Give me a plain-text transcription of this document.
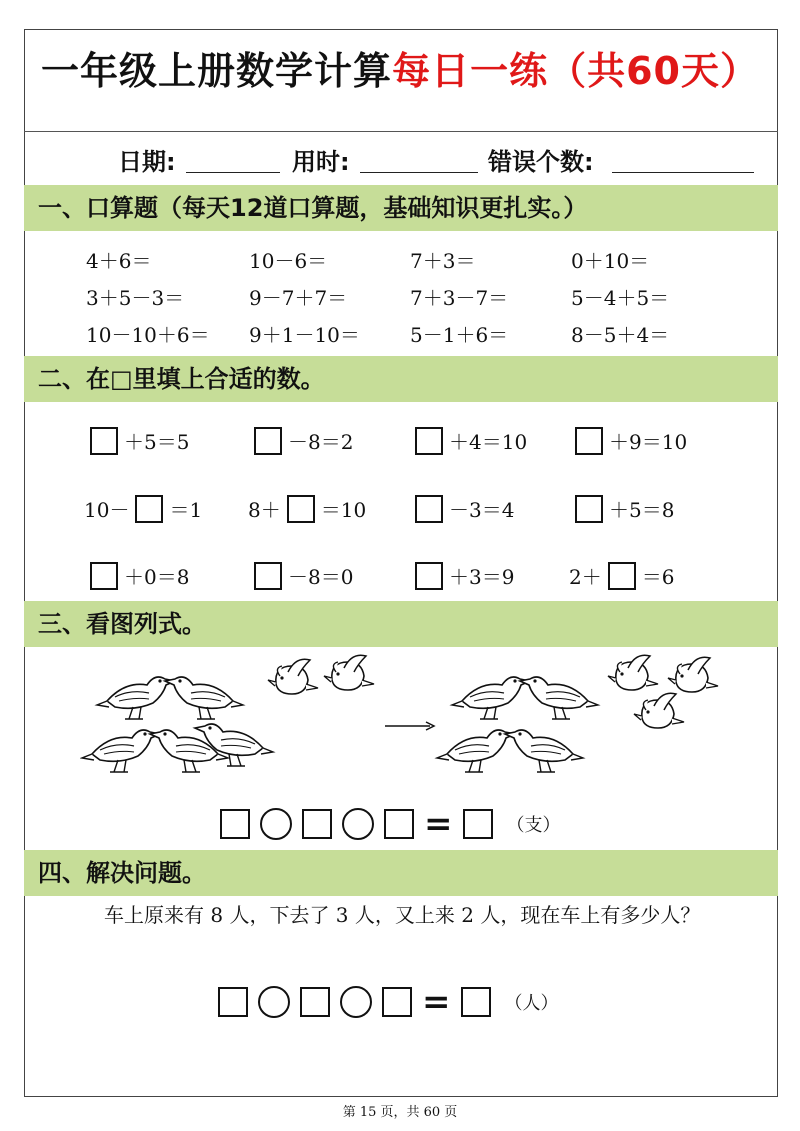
一年级上册数学计算每日一练（共60天）
日期:	用时:	错误个数:
一、口算题（每天12道口算题，基础知识更扎实。）
4＋6＝	10－6＝	7＋3＝	0＋10＝
3＋5－3＝	9－7＋7＝	7＋3－7＝	5－4＋5＝
10－10＋6＝ 9＋1－10＝	5－1＋6＝	8－5＋4＝
二、在□里填上合适的数。
＋5＝5	－8＝2	＋4＝10	＋9＝10
10－ ＝1 8＋ ＝10	－3＝4	＋5＝8
＋0＝8	－8＝0	＋3＝9	2＋ ＝6
三、看图列式。
=	（支）
四、解决问题。
车上原来有 8 人，下去了 3 人，又上来 2 人，现在车上有多少人？
=	（人）
第 15 页，共 60 页
